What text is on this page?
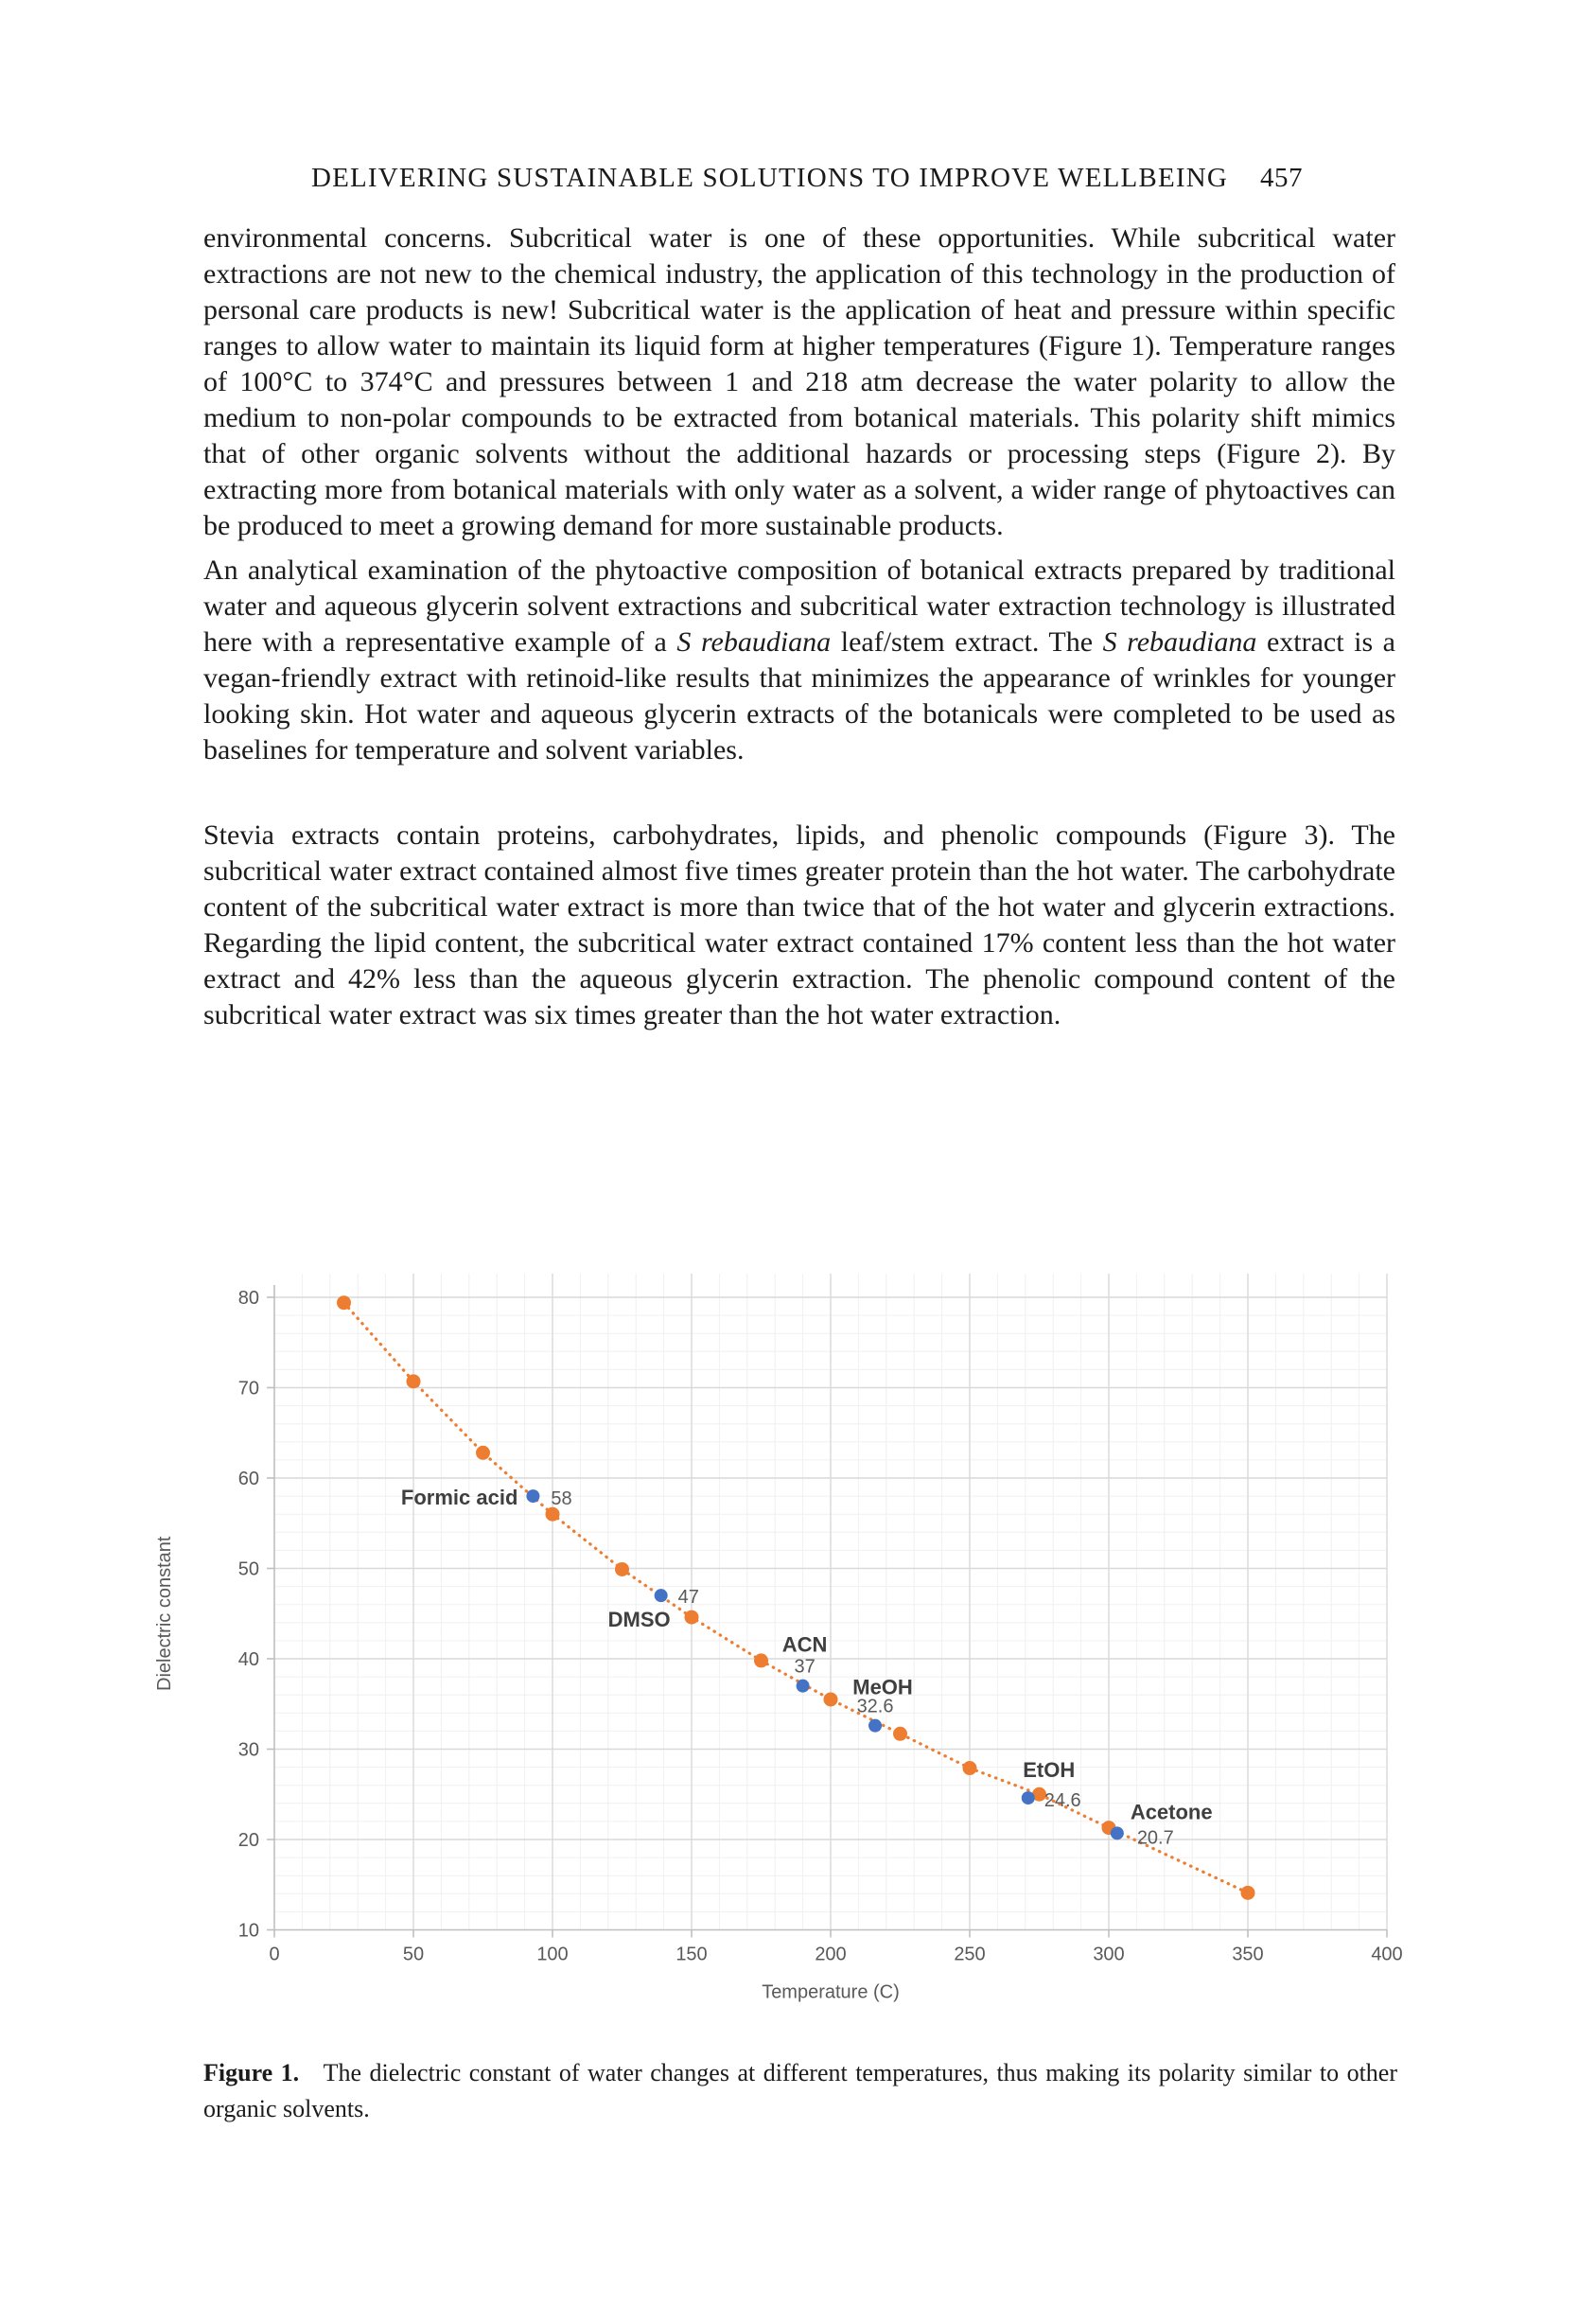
DELIVERING SUSTAINABLE SOLUTIONS TO IMPROVE WELLBEING 457

environmental concerns. Subcritical water is one of these opportunities. While subcritical water extractions are not new to the chemical industry, the application of this technology in the production of personal care products is new! Subcritical water is the application of heat and pressure within specific ranges to allow water to maintain its liquid form at higher temperatures (Figure 1). Temperature ranges of 100°C to 374°C and pressures between 1 and 218 atm decrease the water polarity to allow the medium to non-polar compounds to be extracted from botanical materials. This polarity shift mimics that of other organic solvents without the additional hazards or processing steps (Figure 2). By extracting more from botanical materials with only water as a solvent, a wider range of phytoactives can be produced to meet a growing demand for more sustainable products.

An analytical examination of the phytoactive composition of botanical extracts prepared by traditional water and aqueous glycerin solvent extractions and subcritical water extraction technology is illustrated here with a representative example of a S rebaudiana leaf/stem extract. The S rebaudiana extract is a vegan-friendly extract with retinoid-like results that minimizes the appearance of wrinkles for younger looking skin. Hot water and aqueous glycerin extracts of the botanicals were completed to be used as baselines for temperature and solvent variables.

Stevia extracts contain proteins, carbohydrates, lipids, and phenolic compounds (Figure 3). The subcritical water extract contained almost five times greater protein than the hot water. The carbohydrate content of the subcritical water extract is more than twice that of the hot water and glycerin extractions. Regarding the lipid content, the subcritical water extract contained 17% content less than the hot water extract and 42% less than the aqueous glycerin extraction. The phenolic compound content of the subcritical water extract was six times greater than the hot water extraction.

10
20
30
40
50
60
70
80
0	50	100	150	200	250	300	350	400
Temperature (C)
Dielectric constant
Formic acid 58
DMSO
47
ACN
37
MeOH
32.6
EtOH
24.6 Acetone
20.7
Figure 1. The dielectric constant of water changes at different temperatures, thus making its polarity similar to other organic solvents.
